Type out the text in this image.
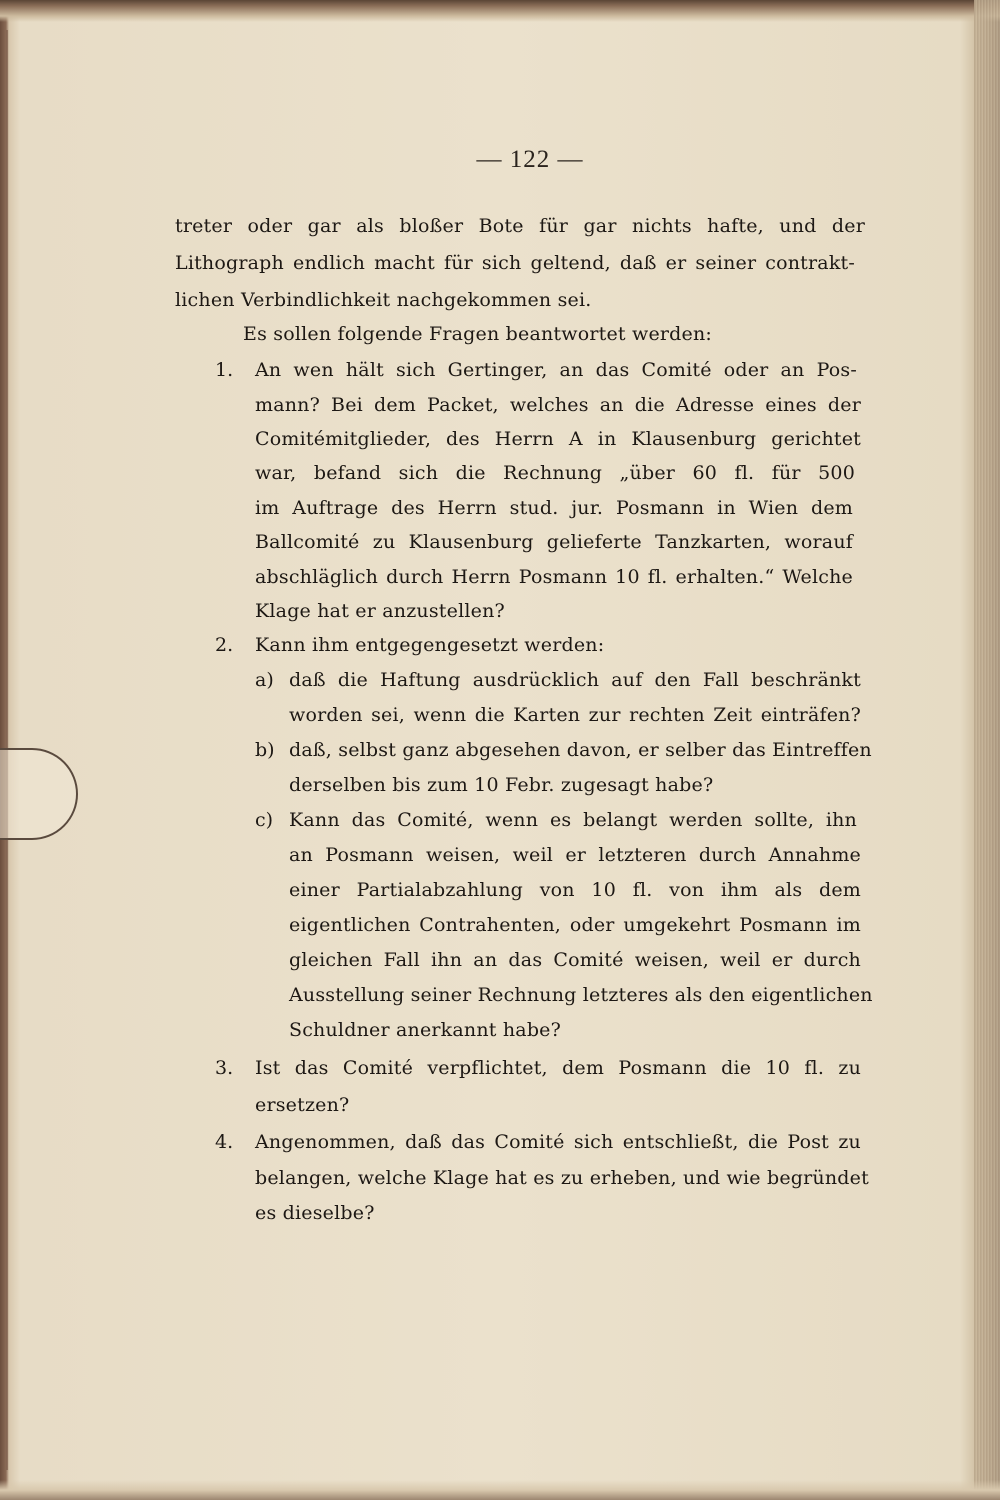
— 122 —
treter oder gar als bloßer Bote für gar nichts hafte, und der
Lithograph endlich macht für sich geltend, daß er seiner contrakt-
lichen Verbindlichkeit nachgekommen sei.
Es sollen folgende Fragen beantwortet werden:
1. An wen hält sich Gertinger, an das Comité oder an Pos-
mann? Bei dem Packet, welches an die Adresse eines der
Comitémitglieder, des Herrn A in Klausenburg gerichtet
war, befand sich die Rechnung „über 60 fl. für 500
im Auftrage des Herrn stud. jur. Posmann in Wien dem
Ballcomité zu Klausenburg gelieferte Tanzkarten, worauf
abschläglich durch Herrn Posmann 10 fl. erhalten.“ Welche
Klage hat er anzustellen?
2. Kann ihm entgegengesetzt werden:
a) daß die Haftung ausdrücklich auf den Fall beschränkt
worden sei, wenn die Karten zur rechten Zeit einträfen?
b) daß, selbst ganz abgesehen davon, er selber das Eintreffen
derselben bis zum 10 Febr. zugesagt habe?
c) Kann das Comité, wenn es belangt werden sollte, ihn
an Posmann weisen, weil er letzteren durch Annahme
einer Partialabzahlung von 10 fl. von ihm als dem
eigentlichen Contrahenten, oder umgekehrt Posmann im
gleichen Fall ihn an das Comité weisen, weil er durch
Ausstellung seiner Rechnung letzteres als den eigentlichen
Schuldner anerkannt habe?
3. Ist das Comité verpflichtet, dem Posmann die 10 fl. zu
ersetzen?
4. Angenommen, daß das Comité sich entschließt, die Post zu
belangen, welche Klage hat es zu erheben, und wie begründet
es dieselbe?
